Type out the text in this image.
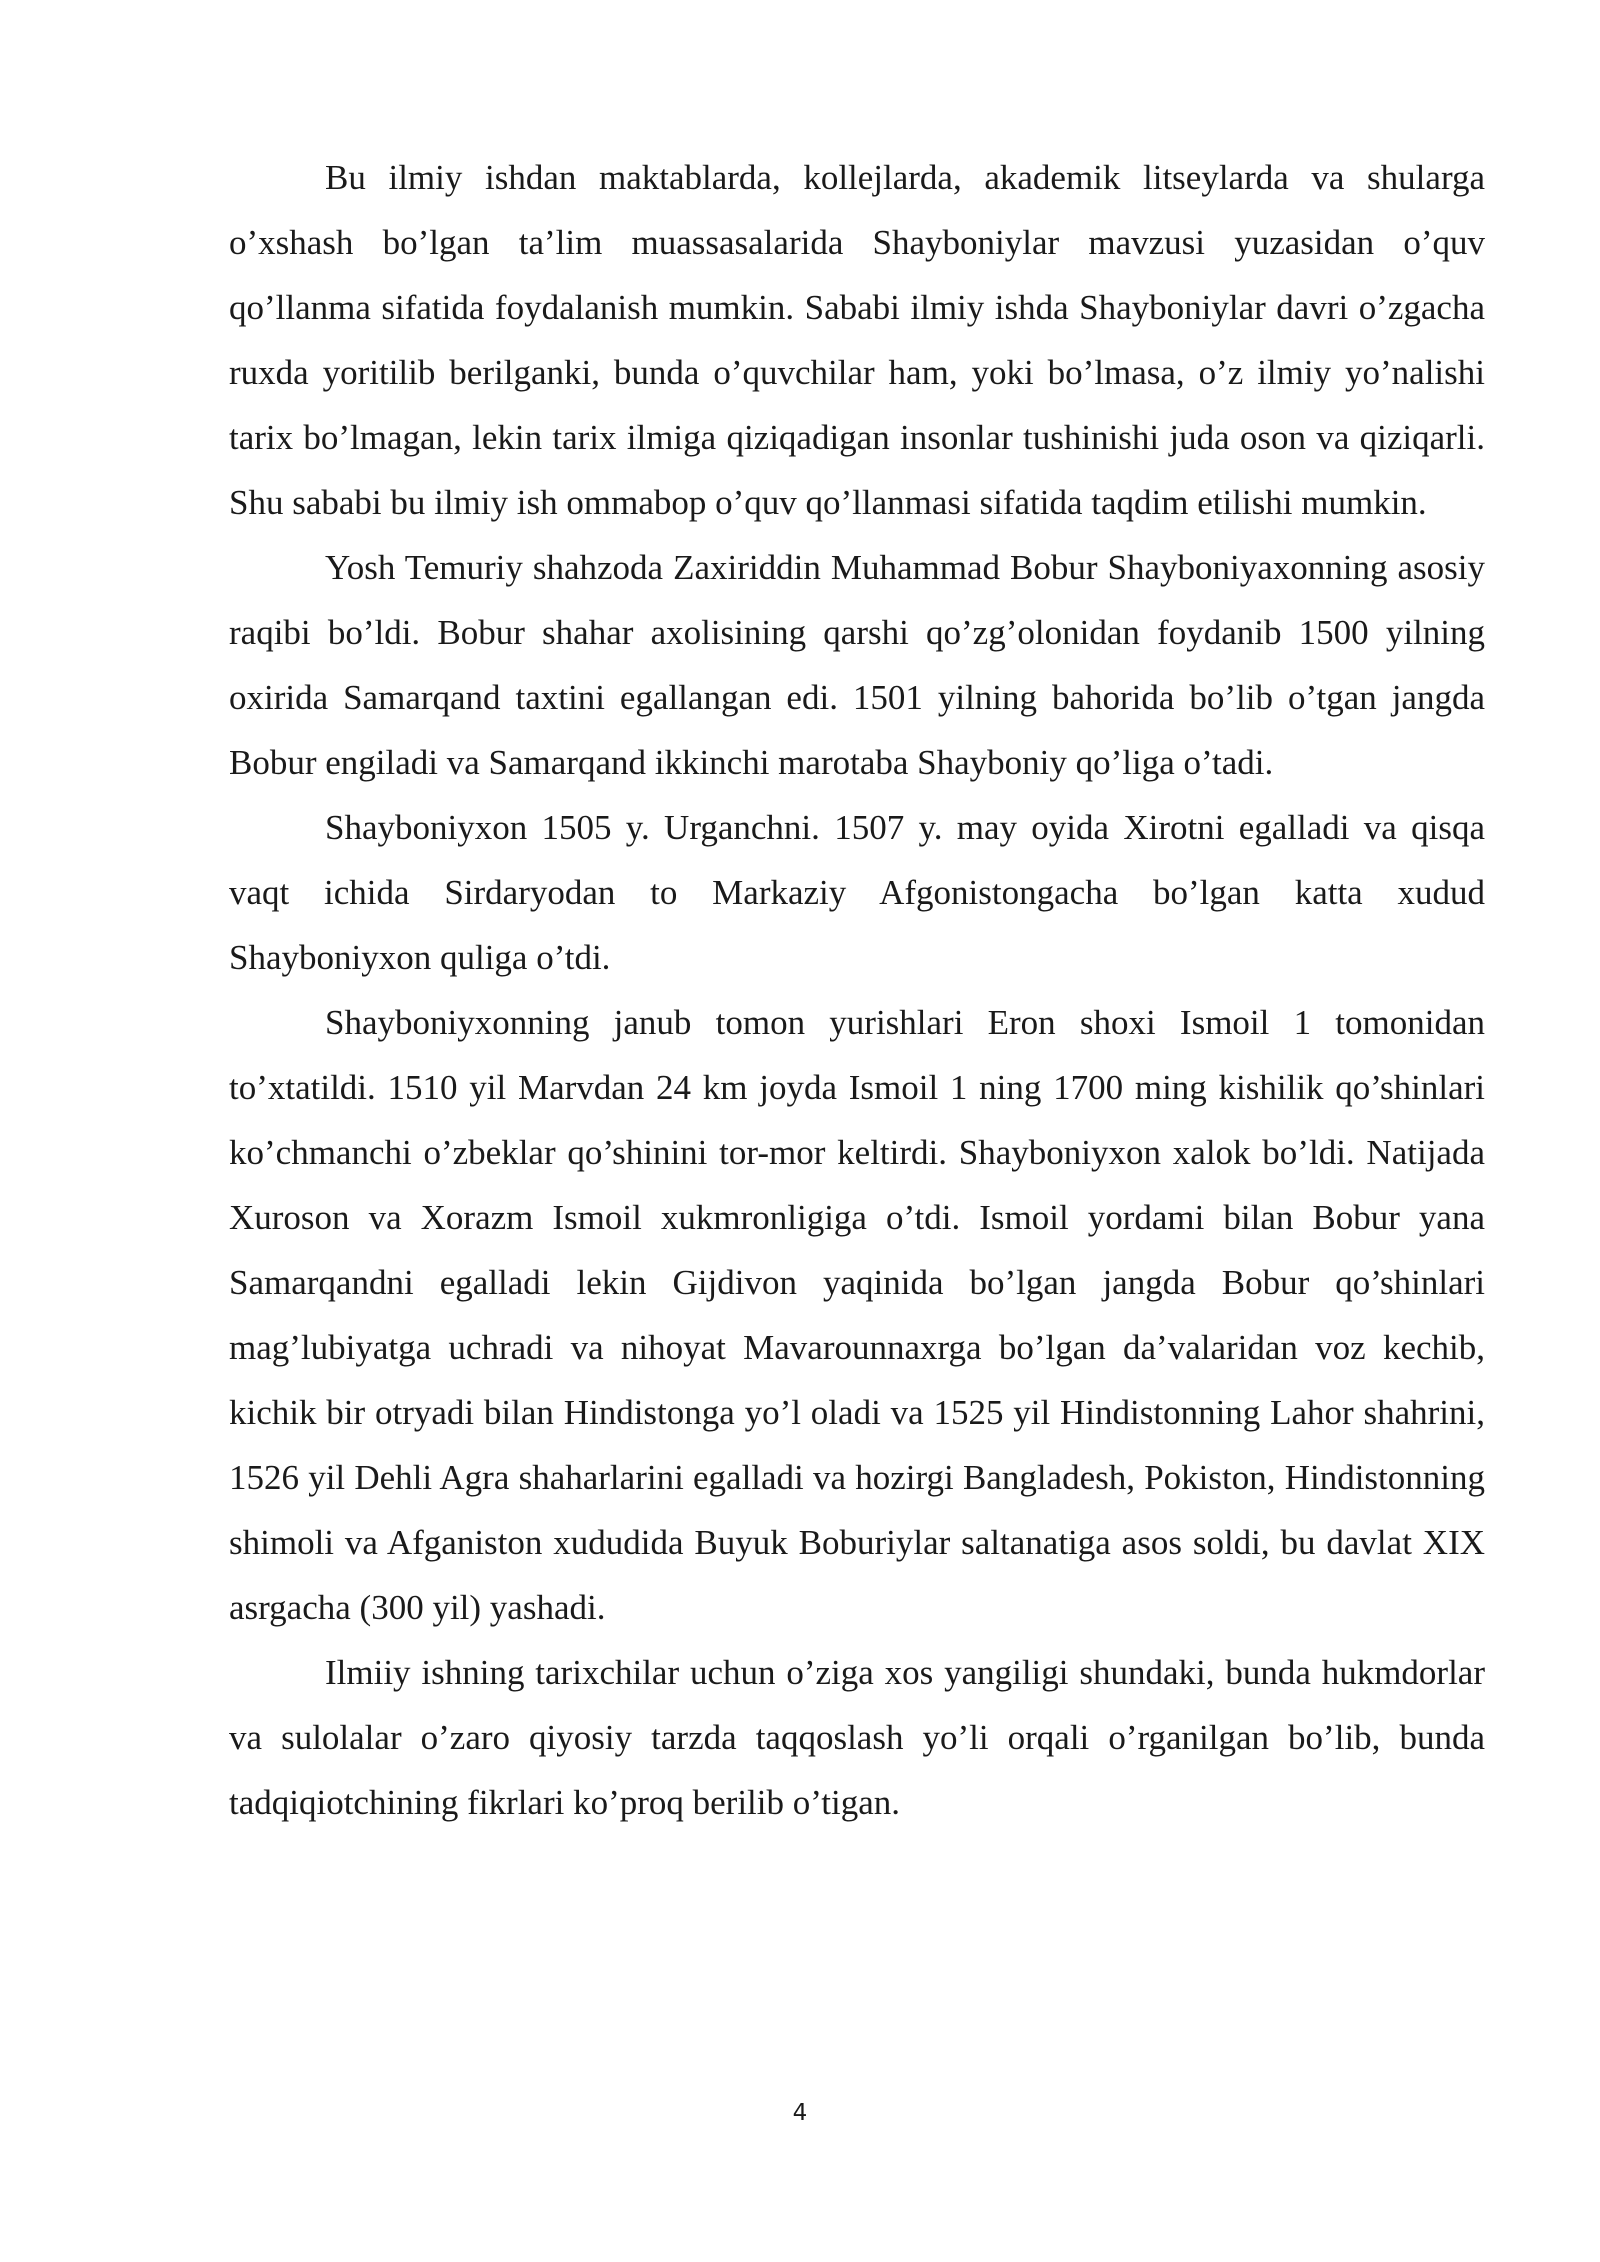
Bu ilmiy ishdan maktablarda, kollejlarda, akademik litseylarda va shularga o’xshash bo’lgan ta’lim muassasalarida Shayboniylar mavzusi yuzasidan o’quv qo’llanma sifatida foydalanish mumkin. Sababi ilmiy ishda Shayboniylar davri o’zgacha ruxda yoritilib berilganki, bunda o’quvchilar ham, yoki bo’lmasa, o’z ilmiy yo’nalishi tarix bo’lmagan, lekin tarix ilmiga qiziqadigan insonlar tushinishi juda oson va qiziqarli. Shu sababi bu ilmiy ish ommabop o’quv qo’llanmasi sifatida taqdim etilishi mumkin.

Yosh Temuriy shahzoda Zaxiriddin Muhammad Bobur Shayboniyaxonning asosiy raqibi bo’ldi. Bobur shahar axolisining qarshi qo’zg’olonidan foydanib 1500 yilning oxirida Samarqand taxtini egallangan edi. 1501 yilning bahorida bo’lib o’tgan jangda Bobur engiladi va Samarqand ikkinchi marotaba Shayboniy qo’liga o’tadi.

Shayboniyxon 1505 y. Urganchni. 1507 y. may oyida Xirotni egalladi va qisqa vaqt ichida Sirdaryodan to Markaziy Afgonistongacha bo’lgan katta xudud Shayboniyxon quliga o’tdi.

Shayboniyxonning janub tomon yurishlari Eron shoxi Ismoil 1 tomonidan to’xtatildi. 1510 yil Marvdan 24 km joyda Ismoil 1 ning 1700 ming kishilik qo’shinlari ko’chmanchi o’zbeklar qo’shinini tor-mor keltirdi. Shayboniyxon xalok bo’ldi. Natijada Xuroson va Xorazm Ismoil xukmronligiga o’tdi. Ismoil yordami bilan Bobur yana Samarqandni egalladi lekin Gijdivon yaqinida bo’lgan jangda Bobur qo’shinlari mag’lubiyatga uchradi va nihoyat Mavarounnaxrga bo’lgan da’valaridan voz kechib, kichik bir otryadi bilan Hindistonga yo’l oladi va 1525 yil Hindistonning Lahor shahrini, 1526 yil Dehli Agra shaharlarini egalladi va hozirgi Bangladesh, Pokiston, Hindistonning shimoli va Afganiston xududida Buyuk Boburiylar saltanatiga asos soldi, bu davlat XIX asrgacha (300 yil) yashadi.

Ilmiiy ishning tarixchilar uchun o’ziga xos yangiligi shundaki, bunda hukmdorlar va sulolalar o’zaro qiyosiy tarzda taqqoslash yo’li orqali o’rganilgan bo’lib, bunda tadqiqiotchining fikrlari ko’proq berilib o’tigan.

4
